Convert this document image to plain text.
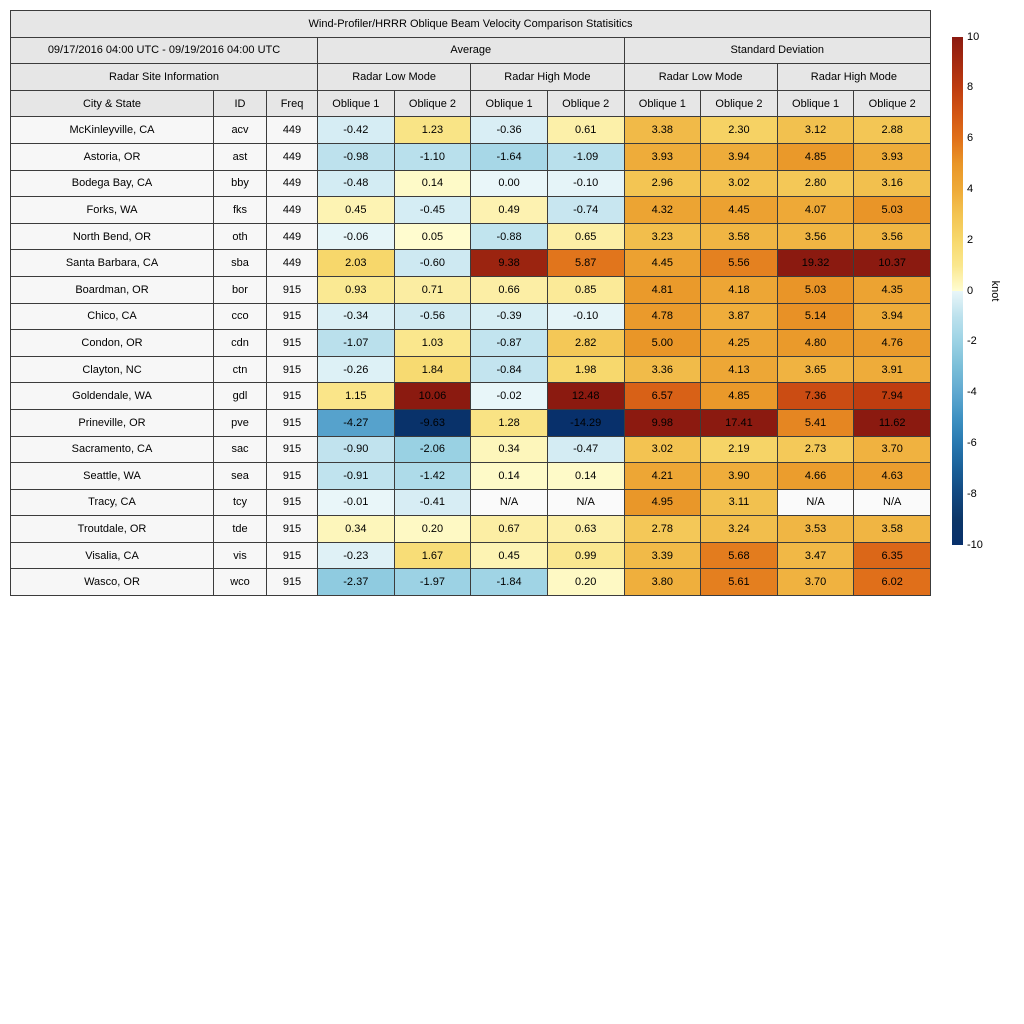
Wind-Profiler/HRRR Oblique Beam Velocity Comparison Statisitics										
09/17/2016 04:00 UTC - 09/19/2016 04:00 UTC			Average				Standard Deviation			
Radar Site Information			Radar Low Mode		Radar High Mode		Radar Low Mode		Radar High Mode	
City & State	ID	Freq	Oblique 1	Oblique 2	Oblique 1	Oblique 2	Oblique 1	Oblique 2	Oblique 1	Oblique 2
McKinleyville, CA	acv	449	-0.42	1.23	-0.36	0.61	3.38	2.30	3.12	2.88
Astoria, OR	ast	449	-0.98	-1.10	-1.64	-1.09	3.93	3.94	4.85	3.93
Bodega Bay, CA	bby	449	-0.48	0.14	0.00	-0.10	2.96	3.02	2.80	3.16
Forks, WA	fks	449	0.45	-0.45	0.49	-0.74	4.32	4.45	4.07	5.03
North Bend, OR	oth	449	-0.06	0.05	-0.88	0.65	3.23	3.58	3.56	3.56
Santa Barbara, CA	sba	449	2.03	-0.60	9.38	5.87	4.45	5.56	19.32	10.37
Boardman, OR	bor	915	0.93	0.71	0.66	0.85	4.81	4.18	5.03	4.35
Chico, CA	cco	915	-0.34	-0.56	-0.39	-0.10	4.78	3.87	5.14	3.94
Condon, OR	cdn	915	-1.07	1.03	-0.87	2.82	5.00	4.25	4.80	4.76
Clayton, NC	ctn	915	-0.26	1.84	-0.84	1.98	3.36	4.13	3.65	3.91
Goldendale, WA	gdl	915	1.15	10.06	-0.02	12.48	6.57	4.85	7.36	7.94
Prineville, OR	pve	915	-4.27	-9.63	1.28	-14.29	9.98	17.41	5.41	11.62
Sacramento, CA	sac	915	-0.90	-2.06	0.34	-0.47	3.02	2.19	2.73	3.70
Seattle, WA	sea	915	-0.91	-1.42	0.14	0.14	4.21	3.90	4.66	4.63
Tracy, CA	tcy	915	-0.01	-0.41	N/A	N/A	4.95	3.11	N/A	N/A
Troutdale, OR	tde	915	0.34	0.20	0.67	0.63	2.78	3.24	3.53	3.58
Visalia, CA	vis	915	-0.23	1.67	0.45	0.99	3.39	5.68	3.47	6.35
Wasco, OR	wco	915	-2.37	-1.97	-1.84	0.20	3.80	5.61	3.70	6.02
10
8
6
4
2
0
-2
-4
-6
-8
-10
knot
